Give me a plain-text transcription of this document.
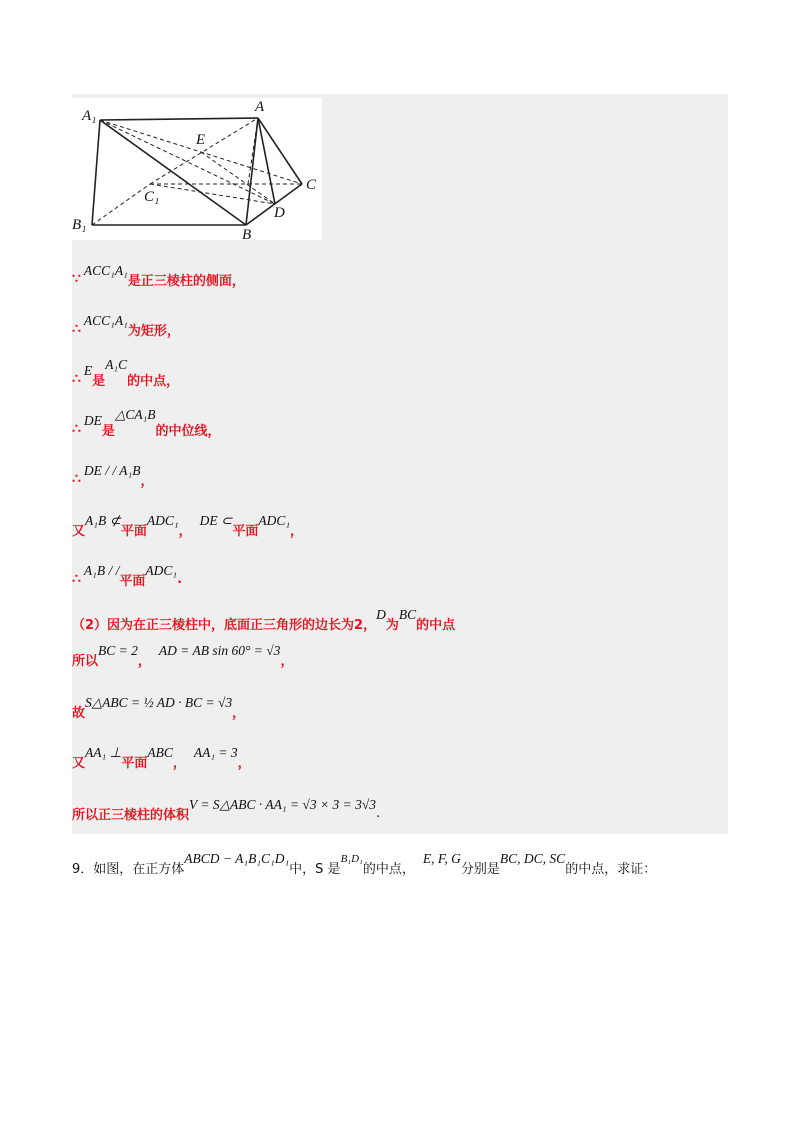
A₁
A
E
C₁
C
D
B₁
B
∵
ACC₁A₁
是正三棱柱的侧面，
∴
ACC₁A₁
为矩形，
∴
E
是
A₁C
的中点，
∴
DE
是
△CA₁B
的中位线，
∴
DE / / A₁B
，
又
A₁B ⊄
平面
ADC₁
，
DE ⊂
平面
ADC₁
，
∴
A₁B / /
平面
ADC₁
.
（2）因为在正三棱柱中，底面正三角形的边长为2，
D
为
BC
的中点
所以
BC = 2
，
AD = AB sin 60° = √3
，
故
S△ABC = ½ AD · BC = √3
，
又
AA₁ ⊥
平面
ABC
，
AA₁ = 3
，
所以正三棱柱的体积
V = S△ABC · AA₁ = √3 × 3 = 3√3
.
9．如图，在正方体
ABCD − A₁B₁C₁D₁
中，S 是
B₁D₁
的中点，
E, F, G
分别是
BC, DC, SC
的中点，求证：
